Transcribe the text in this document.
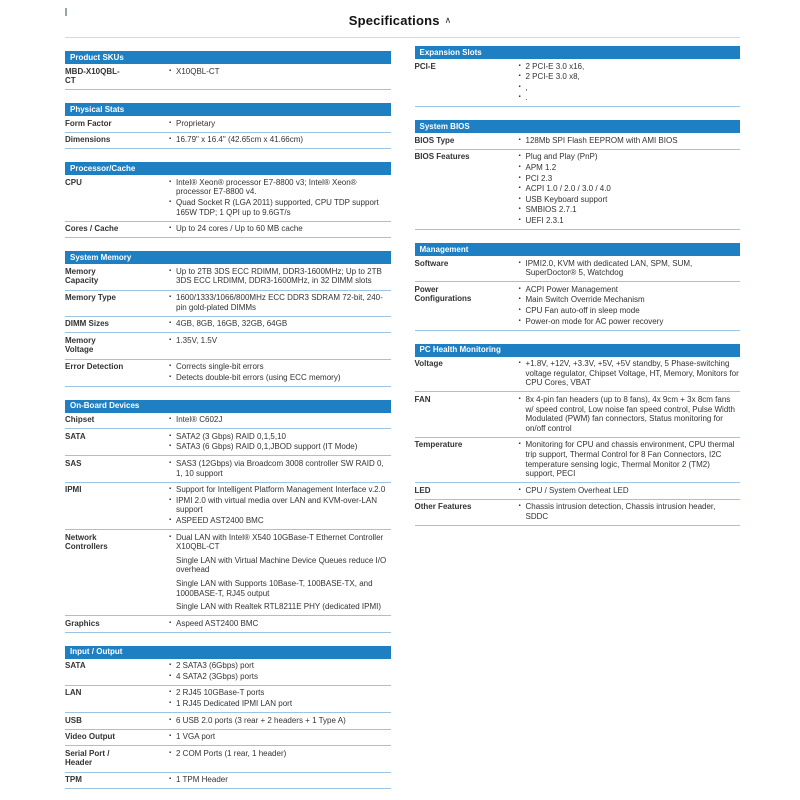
Specifications ∧
Product SKUs
MBD-X10QBL-CT
▪ X10QBL-CT
Physical Stats
Form Factor	▪ Proprietary
Dimensions	▪ 16.79" x 16.4" (42.65cm x 41.66cm)
Processor/Cache
CPU	▪ Intel® Xeon® processor E7-8800 v3; Intel® Xeon® processor E7-8800 v4.
▪ Quad Socket R (LGA 2011) supported, CPU TDP support 165W TDP; 1 QPI up to 9.6GT/s
Cores / Cache	▪ Up to 24 cores / Up to 60 MB cache
System Memory
Memory Capacity
▪ Up to 2TB 3DS ECC RDIMM, DDR3-1600MHz; Up to 2TB 3DS ECC LRDIMM, DDR3-1600MHz, in 32 DIMM slots
Memory Type	▪ 1600/1333/1066/800MHz ECC DDR3 SDRAM 72-bit, 240-pin gold-plated DIMMs
DIMM Sizes	▪ 4GB, 8GB, 16GB, 32GB, 64GB
Memory Voltage
▪ 1.35V, 1.5V
Error Detection	▪ Corrects single-bit errors
▪ Detects double-bit errors (using ECC memory)
On-Board Devices
Chipset	▪ Intel® C602J
SATA	▪ SATA2 (3 Gbps) RAID 0,1,5,10
▪ SATA3 (6 Gbps) RAID 0,1,JBOD support (IT Mode)
SAS	▪ SAS3 (12Gbps) via Broadcom 3008 controller SW RAID 0, 1, 10 support
IPMI	▪ Support for Intelligent Platform Management Interface v.2.0
▪ IPMI 2.0 with virtual media over LAN and KVM-over-LAN support
▪ ASPEED AST2400 BMC
Network Controllers
▪ Dual LAN with Intel® X540 10GBase-T Ethernet Controller X10QBL-CT
Single LAN with Virtual Machine Device Queues reduce I/O overhead
Single LAN with Supports 10Base-T, 100BASE-TX, and 1000BASE-T, RJ45 output
Single LAN with Realtek RTL8211E PHY (dedicated IPMI)
Graphics	▪ Aspeed AST2400 BMC
Input / Output
SATA	▪ 2 SATA3 (6Gbps) port
▪ 4 SATA2 (3Gbps) ports
LAN	▪ 2 RJ45 10GBase-T ports
▪ 1 RJ45 Dedicated IPMI LAN port
USB	▪ 6 USB 2.0 ports (3 rear + 2 headers + 1 Type A)
Video Output	▪ 1 VGA port
Serial Port / Header
▪ 2 COM Ports (1 rear, 1 header)
TPM	▪ 1 TPM Header
Expansion Slots
PCI-E	▪ 2 PCI-E 3.0 x16,
▪ 2 PCI-E 3.0 x8,
▪ ,
▪ .
System BIOS
BIOS Type	▪ 128Mb SPI Flash EEPROM with AMI BIOS
BIOS Features	▪ Plug and Play (PnP)
▪ APM 1.2
▪ PCI 2.3
▪ ACPI 1.0 / 2.0 / 3.0 / 4.0
▪ USB Keyboard support
▪ SMBIOS 2.7.1
▪ UEFI 2.3.1
Management
Software	▪ IPMI2.0, KVM with dedicated LAN, SPM, SUM, SuperDoctor® 5, Watchdog
Power Configurations
▪ ACPI Power Management
▪ Main Switch Override Mechanism
▪ CPU Fan auto-off in sleep mode
▪ Power-on mode for AC power recovery
PC Health Monitoring
Voltage	▪ +1.8V, +12V, +3.3V, +5V, +5V standby, 5 Phase-switching voltage regulator, Chipset Voltage, HT, Memory, Monitors for CPU Cores, VBAT
FAN	▪ 8x 4-pin fan headers (up to 8 fans), 4x 9cm + 3x 8cm fans w/ speed control, Low noise fan speed control, Pulse Width Modulated (PWM) fan connectors, Status monitoring for on/off control
Temperature	▪ Monitoring for CPU and chassis environment, CPU thermal trip support, Thermal Control for 8 Fan Connectors, I2C temperature sensing logic, Thermal Monitor 2 (TM2) support, PECI
LED	▪ CPU / System Overheat LED
Other Features	▪ Chassis intrusion detection, Chassis intrusion header, SDDC
